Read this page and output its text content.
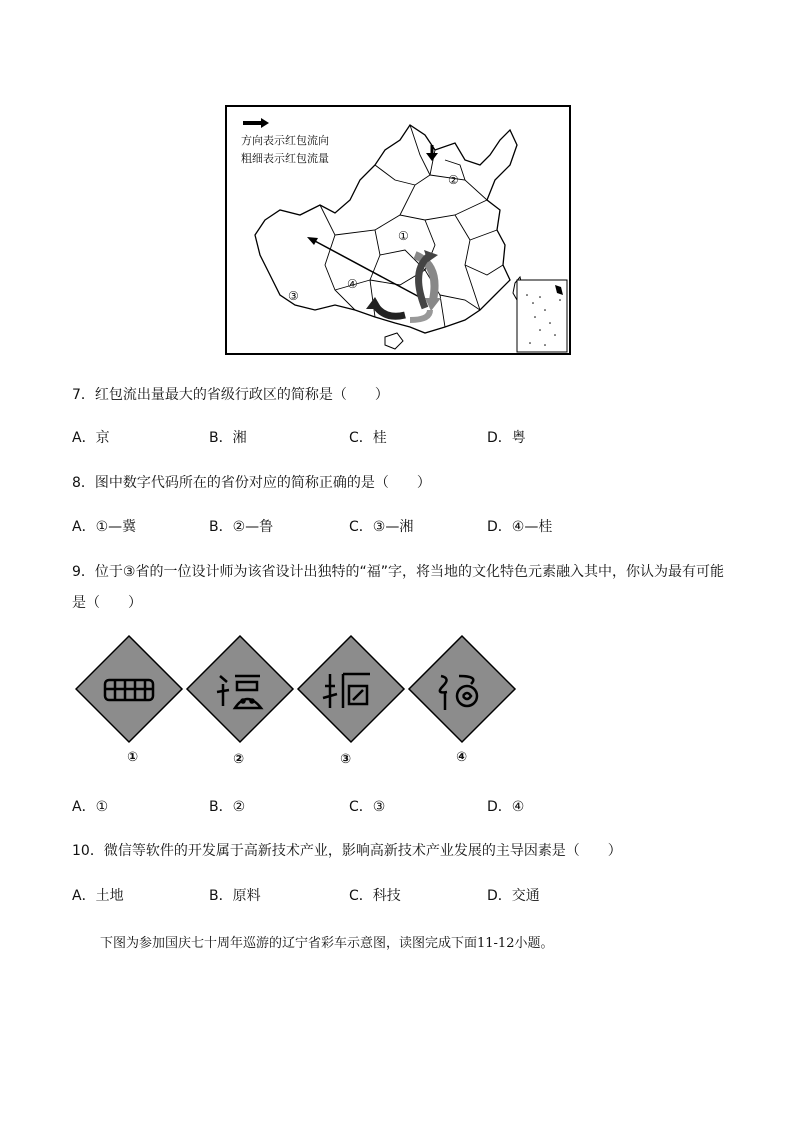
方向表示红包流向
粗细表示红包流量
①
②
③
④
7．红包流出量最大的省级行政区的简称是（　　）
A．京	B．湘	C．桂	D．粤
8．图中数字代码所在的省份对应的简称正确的是（　　）
A．①—冀	B．②—鲁	C．③—湘	D．④—桂
9．位于③省的一位设计师为该省设计出独特的“福”字，将当地的文化特色元素融入其中，你认为最有可能
是（　　）
①	②	③	④
A．①	B．②	C．③	D．④
10．微信等软件的开发属于高新技术产业，影响高新技术产业发展的主导因素是（　　）
A．土地	B．原料	C．科技	D．交通
下图为参加国庆七十周年巡游的辽宁省彩车示意图，读图完成下面11-12小题。
